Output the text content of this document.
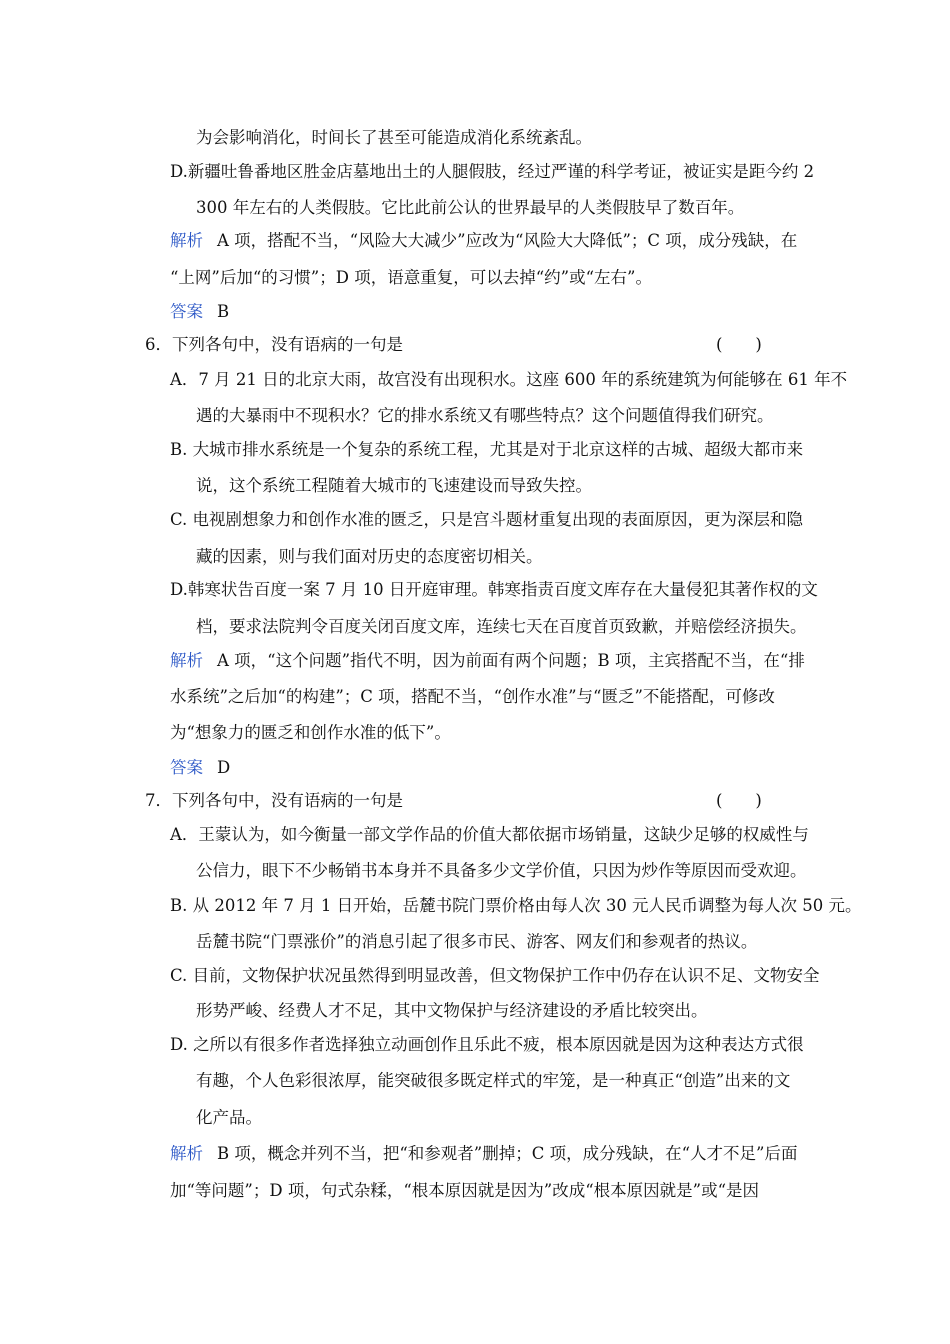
为会影响消化，时间长了甚至可能造成消化系统紊乱。
D.新疆吐鲁番地区胜金店墓地出土的人腿假肢，经过严谨的科学考证，被证实是距今约 2
300 年左右的人类假肢。它比此前公认的世界最早的人类假肢早了数百年。
解析 A 项，搭配不当，“风险大大减少”应改为“风险大大降低”；C 项，成分残缺，在
“上网”后加“的习惯”；D 项，语意重复，可以去掉“约”或“左右”。
答案 B
6．下列各句中，没有语病的一句是	(　　)
A．7 月 21 日的北京大雨，故宫没有出现积水。这座 600 年的系统建筑为何能够在 61 年不
遇的大暴雨中不现积水？它的排水系统又有哪些特点？这个问题值得我们研究。
B. 大城市排水系统是一个复杂的系统工程，尤其是对于北京这样的古城、超级大都市来
说，这个系统工程随着大城市的飞速建设而导致失控。
C. 电视剧想象力和创作水准的匮乏，只是宫斗题材重复出现的表面原因，更为深层和隐
藏的因素，则与我们面对历史的态度密切相关。
D.韩寒状告百度一案 7 月 10 日开庭审理。韩寒指责百度文库存在大量侵犯其著作权的文
档，要求法院判令百度关闭百度文库，连续七天在百度首页致歉，并赔偿经济损失。
解析 A 项，“这个问题”指代不明，因为前面有两个问题；B 项，主宾搭配不当，在“排
水系统”之后加“的构建”；C 项，搭配不当，“创作水准”与“匮乏”不能搭配，可修改
为“想象力的匮乏和创作水准的低下”。
答案 D
7．下列各句中，没有语病的一句是	(　　)
A．王蒙认为，如今衡量一部文学作品的价值大都依据市场销量，这缺少足够的权威性与
公信力，眼下不少畅销书本身并不具备多少文学价值，只因为炒作等原因而受欢迎。
B. 从 2012 年 7 月 1 日开始，岳麓书院门票价格由每人次 30 元人民币调整为每人次 50 元。
岳麓书院“门票涨价”的消息引起了很多市民、游客、网友们和参观者的热议。
C. 目前，文物保护状况虽然得到明显改善，但文物保护工作中仍存在认识不足、文物安全
形势严峻、经费人才不足，其中文物保护与经济建设的矛盾比较突出。
D. 之所以有很多作者选择独立动画创作且乐此不疲，根本原因就是因为这种表达方式很
有趣，个人色彩很浓厚，能突破很多既定样式的牢笼，是一种真正“创造”出来的文
化产品。
解析 B 项，概念并列不当，把“和参观者”删掉；C 项，成分残缺，在“人才不足”后面
加“等问题”；D 项，句式杂糅，“根本原因就是因为”改成“根本原因就是”或“是因
